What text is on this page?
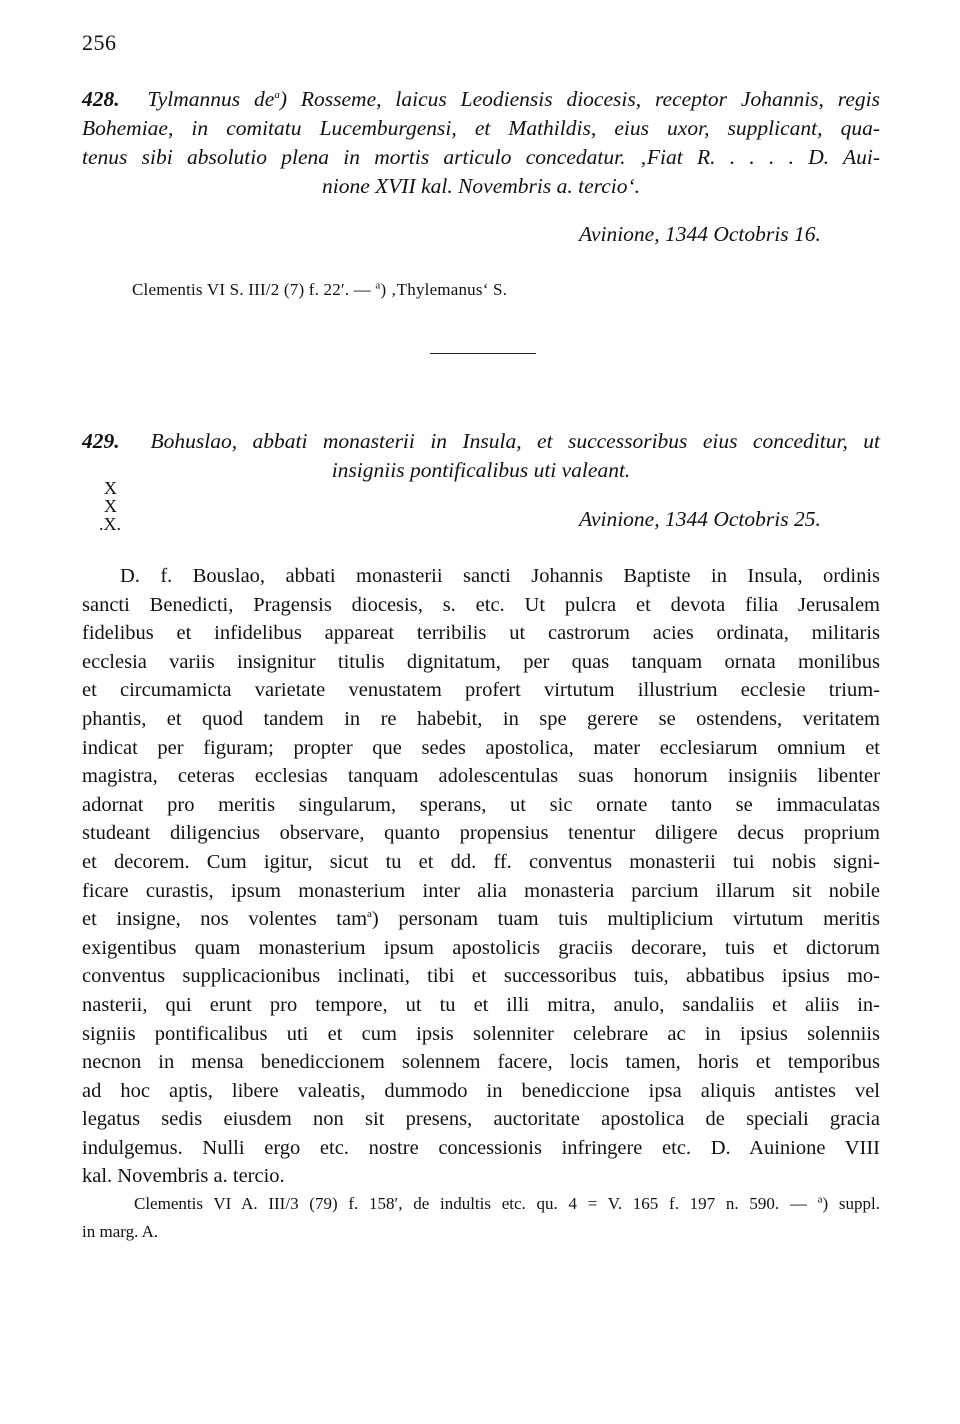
256
428. Tylmannus $de^a$) Rosseme, laicus Leodiensis diocesis, receptor Johannis, regis
Bohemiae, in comitatu Lucemburgensi, et Mathildis, eius uxor, supplicant, qua-
tenus sibi absolutio plena in mortis articulo concedatur. ‚Fiat R. . . . . D. Aui-
nione XVII kal. Novembris a. tercio‘.
Avinione, 1344 Octobris 16.
Clementis VI S. III/2 (7) f. 22′. — $^a$) ‚Thylemanus‘ S.
429. Bohuslao, abbati monasterii in Insula, et successoribus eius conceditur, ut
insigniis pontificalibus uti valeant.
X
X
.X.	Avinione, 1344 Octobris 25.
D. f. Bouslao, abbati monasterii sancti Johannis Baptiste in Insula, ordinis
sancti Benedicti, Pragensis diocesis, s. etc. Ut pulcra et devota filia Jerusalem
fidelibus et infidelibus appareat terribilis ut castrorum acies ordinata, militaris
ecclesia variis insignitur titulis dignitatum, per quas tanquam ornata monilibus
et circumamicta varietate venustatem profert virtutum illustrium ecclesie trium-
phantis, et quod tandem in re habebit, in spe gerere se ostendens, veritatem
indicat per figuram; propter que sedes apostolica, mater ecclesiarum omnium et
magistra, ceteras ecclesias tanquam adolescentulas suas honorum insigniis libenter
adornat pro meritis singularum, sperans, ut sic ornate tanto se immaculatas
studeant diligencius observare, quanto propensius tenentur diligere decus proprium
et decorem. Cum igitur, sicut tu et dd. ff. conventus monasterii tui nobis signi-
ficare curastis, ipsum monasterium inter alia monasteria parcium illarum sit nobile
et insigne, nos volentes tam$^a$) personam tuam tuis multiplicium virtutum meritis
exigentibus quam monasterium ipsum apostolicis graciis decorare, tuis et dictorum
conventus supplicacionibus inclinati, tibi et successoribus tuis, abbatibus ipsius mo-
nasterii, qui erunt pro tempore, ut tu et illi mitra, anulo, sandaliis et aliis in-
signiis pontificalibus uti et cum ipsis solenniter celebrare ac in ipsius solenniis
necnon in mensa benediccionem solennem facere, locis tamen, horis et temporibus
ad hoc aptis, libere valeatis, dummodo in benediccione ipsa aliquis antistes vel
legatus sedis eiusdem non sit presens, auctoritate apostolica de speciali gracia
indulgemus. Nulli ergo etc. nostre concessionis infringere etc. D. Auinione VIII
kal. Novembris a. tercio.
Clementis VI A. III/3 (79) f. 158′, de indultis etc. qu. 4 = V. 165 f. 197 n. 590. — $^a$) suppl.
in marg. A.
